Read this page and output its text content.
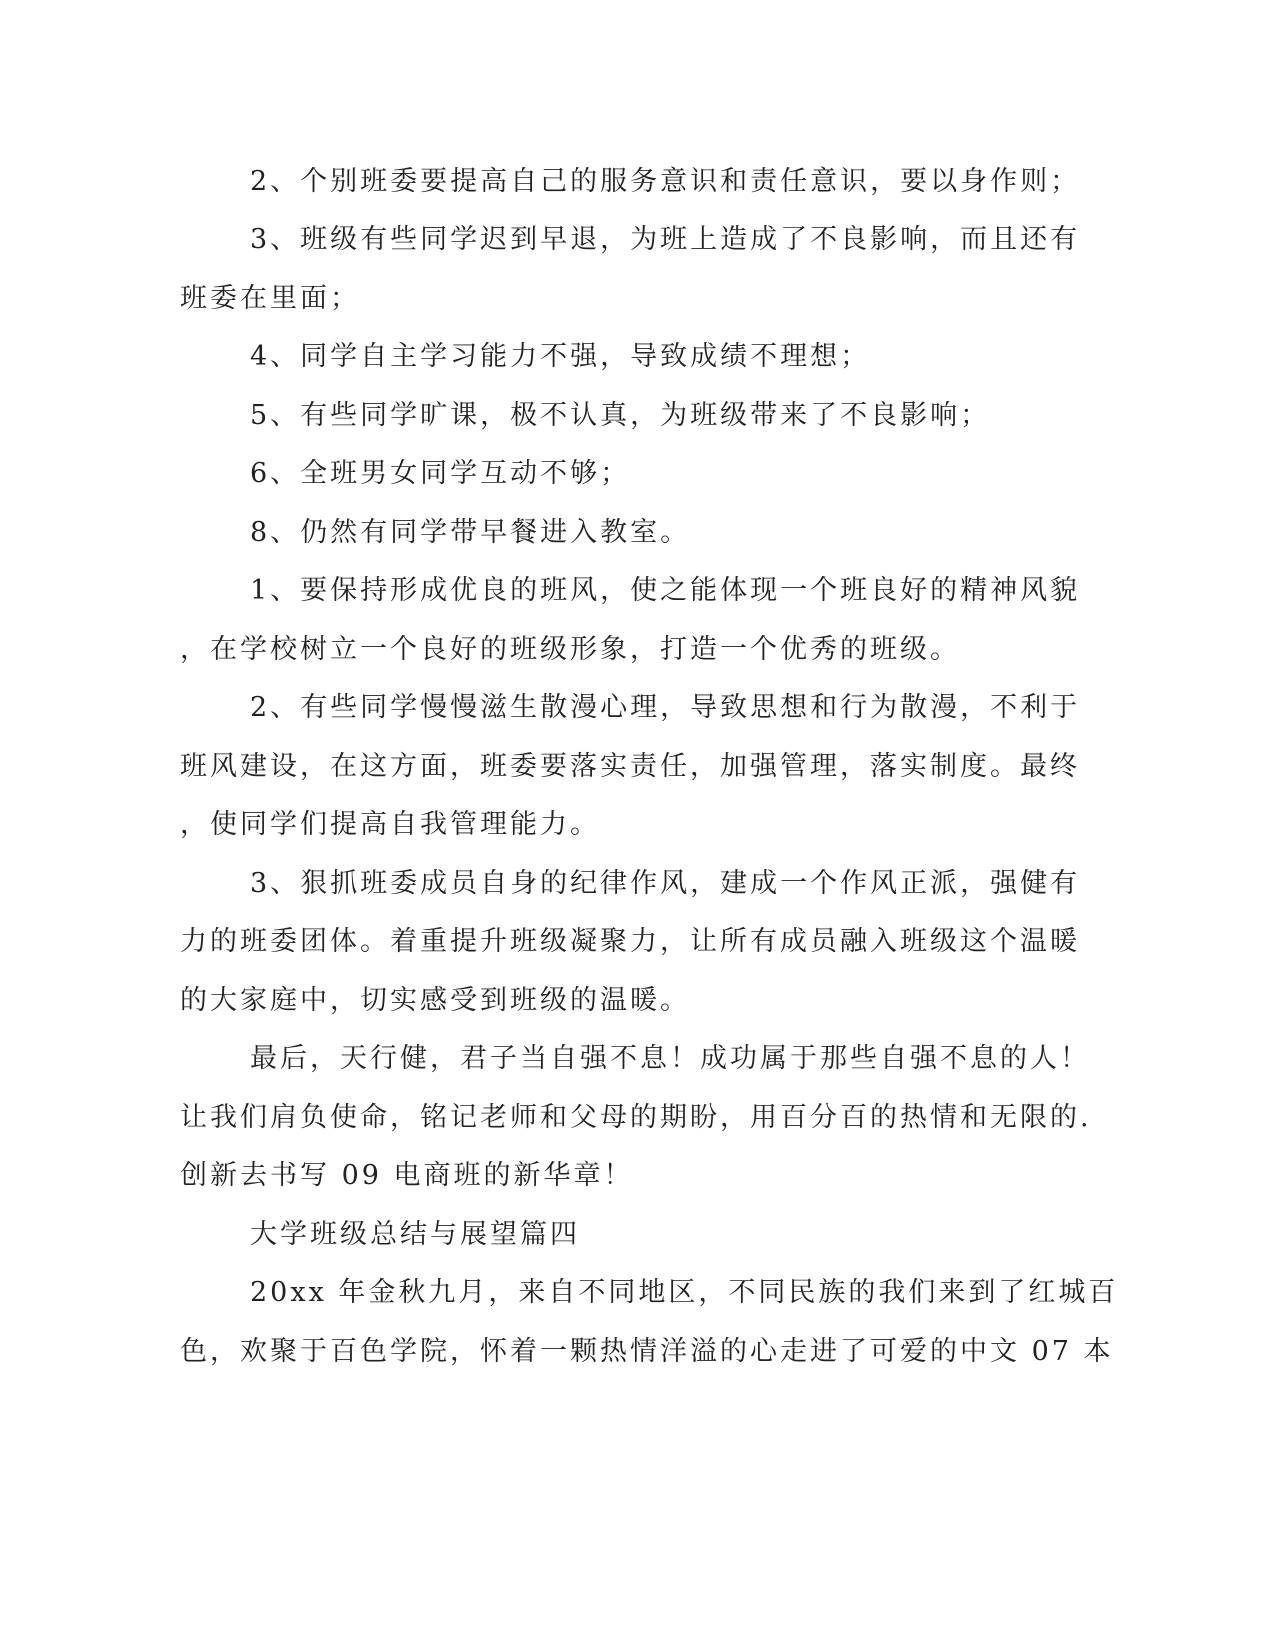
2、个别班委要提高自己的服务意识和责任意识，要以身作则；

3、班级有些同学迟到早退，为班上造成了不良影响，而且还有

班委在里面；

4、同学自主学习能力不强，导致成绩不理想；

5、有些同学旷课，极不认真，为班级带来了不良影响；

6、全班男女同学互动不够；

8、仍然有同学带早餐进入教室。

1、要保持形成优良的班风，使之能体现一个班良好的精神风貌

，在学校树立一个良好的班级形象，打造一个优秀的班级。

2、有些同学慢慢滋生散漫心理，导致思想和行为散漫，不利于

班风建设，在这方面，班委要落实责任，加强管理，落实制度。最终

，使同学们提高自我管理能力。

3、狠抓班委成员自身的纪律作风，建成一个作风正派，强健有

力的班委团体。着重提升班级凝聚力，让所有成员融入班级这个温暖

的大家庭中，切实感受到班级的温暖。

最后，天行健，君子当自强不息！成功属于那些自强不息的人！

让我们肩负使命，铭记老师和父母的期盼，用百分百的热情和无限的.

创新去书写 09 电商班的新华章！

大学班级总结与展望篇四

20xx 年金秋九月，来自不同地区，不同民族的我们来到了红城百

色，欢聚于百色学院，怀着一颗热情洋溢的心走进了可爱的中文 07 本
